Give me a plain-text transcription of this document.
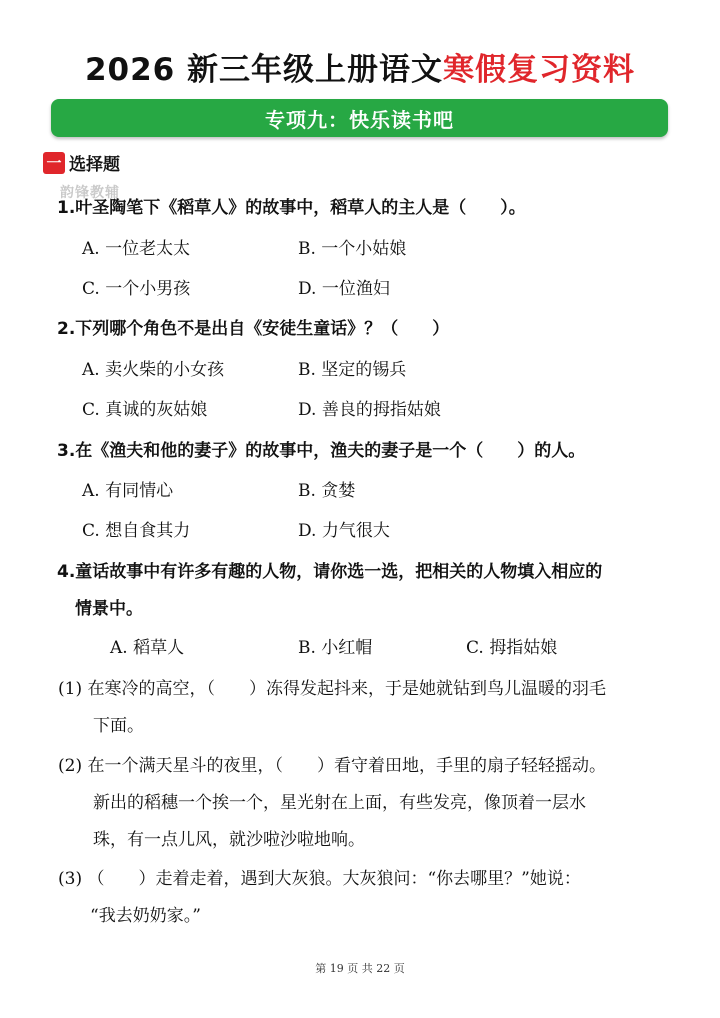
2026 新三年级上册语文寒假复习资料
专项九：快乐读书吧
一 选择题
韵锋教辅
1.叶圣陶笔下《稻草人》的故事中，稻草人的主人是（　　）。
A. 一位老太太	B. 一个小姑娘
C. 一个小男孩	D. 一位渔妇
2.下列哪个角色不是出自《安徒生童话》？（　　）
A. 卖火柴的小女孩	B. 坚定的锡兵
C. 真诚的灰姑娘	D. 善良的拇指姑娘
3.在《渔夫和他的妻子》的故事中，渔夫的妻子是一个（　　）的人。
A. 有同情心	B. 贪婪
C. 想自食其力	D. 力气很大
4.童话故事中有许多有趣的人物，请你选一选，把相关的人物填入相应的
情景中。
A. 稻草人	B. 小红帽	C. 拇指姑娘
(1) 在寒冷的高空，（　　）冻得发起抖来，于是她就钻到鸟儿温暖的羽毛
下面。
(2) 在一个满天星斗的夜里，（　　）看守着田地，手里的扇子轻轻摇动。
新出的稻穗一个挨一个，星光射在上面，有些发亮，像顶着一层水
珠，有一点儿风，就沙啦沙啦地响。
(3) （　　）走着走着，遇到大灰狼。大灰狼问：“你去哪里？”她说：
“我去奶奶家。”
第 19 页 共 22 页
